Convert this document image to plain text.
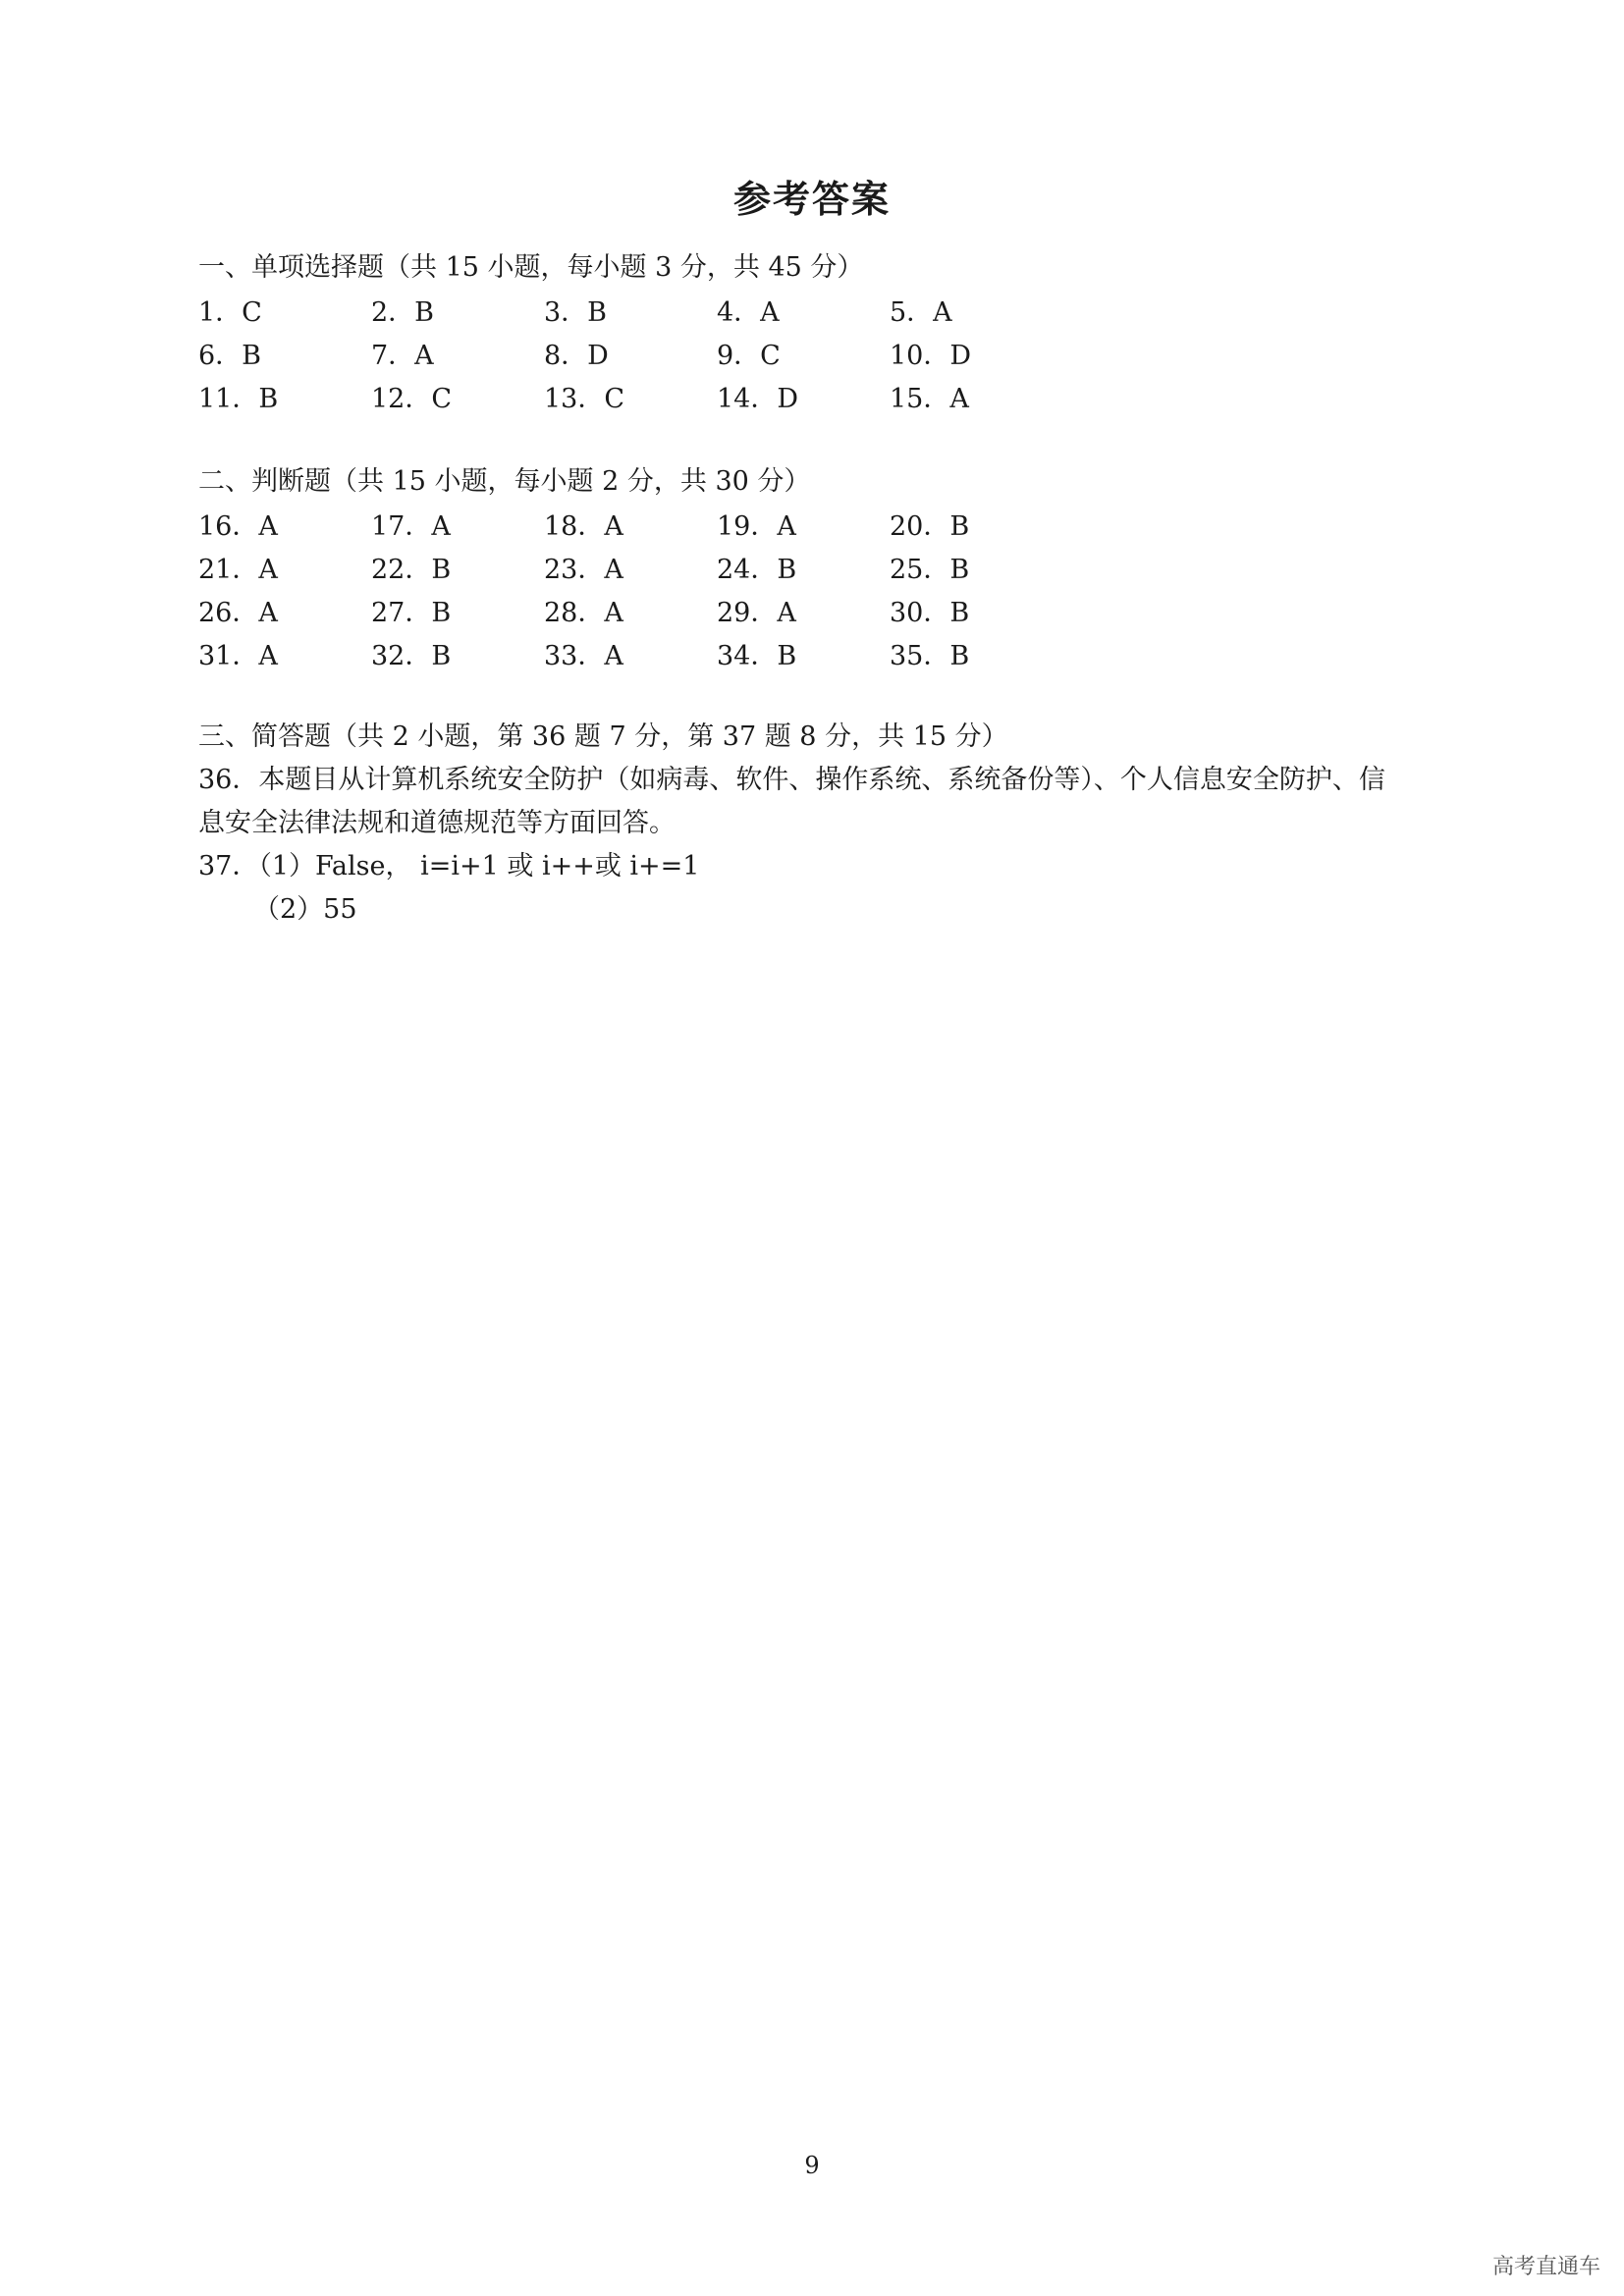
参考答案
一、单项选择题（共 15 小题，每小题 3 分，共 45 分）
1．C	2．B	3．B	4．A	5．A
6．B	7．A	8．D	9．C	10．D
11．B	12．C	13．C	14．D	15．A
二、判断题（共 15 小题，每小题 2 分，共 30 分）
16．A	17．A	18．A	19．A	20．B
21．A	22．B	23．A	24．B	25．B
26．A	27．B	28．A	29．A	30．B
31．A	32．B	33．A	34．B	35．B
三、简答题（共 2 小题，第 36 题 7 分，第 37 题 8 分，共 15 分）
36．本题目从计算机系统安全防护（如病毒、软件、操作系统、系统备份等）、个人信息安全防护、信
息安全法律法规和道德规范等方面回答。
37．（1）False， i=i+1 或 i++或 i+=1
（2）55
9
高考直通车
